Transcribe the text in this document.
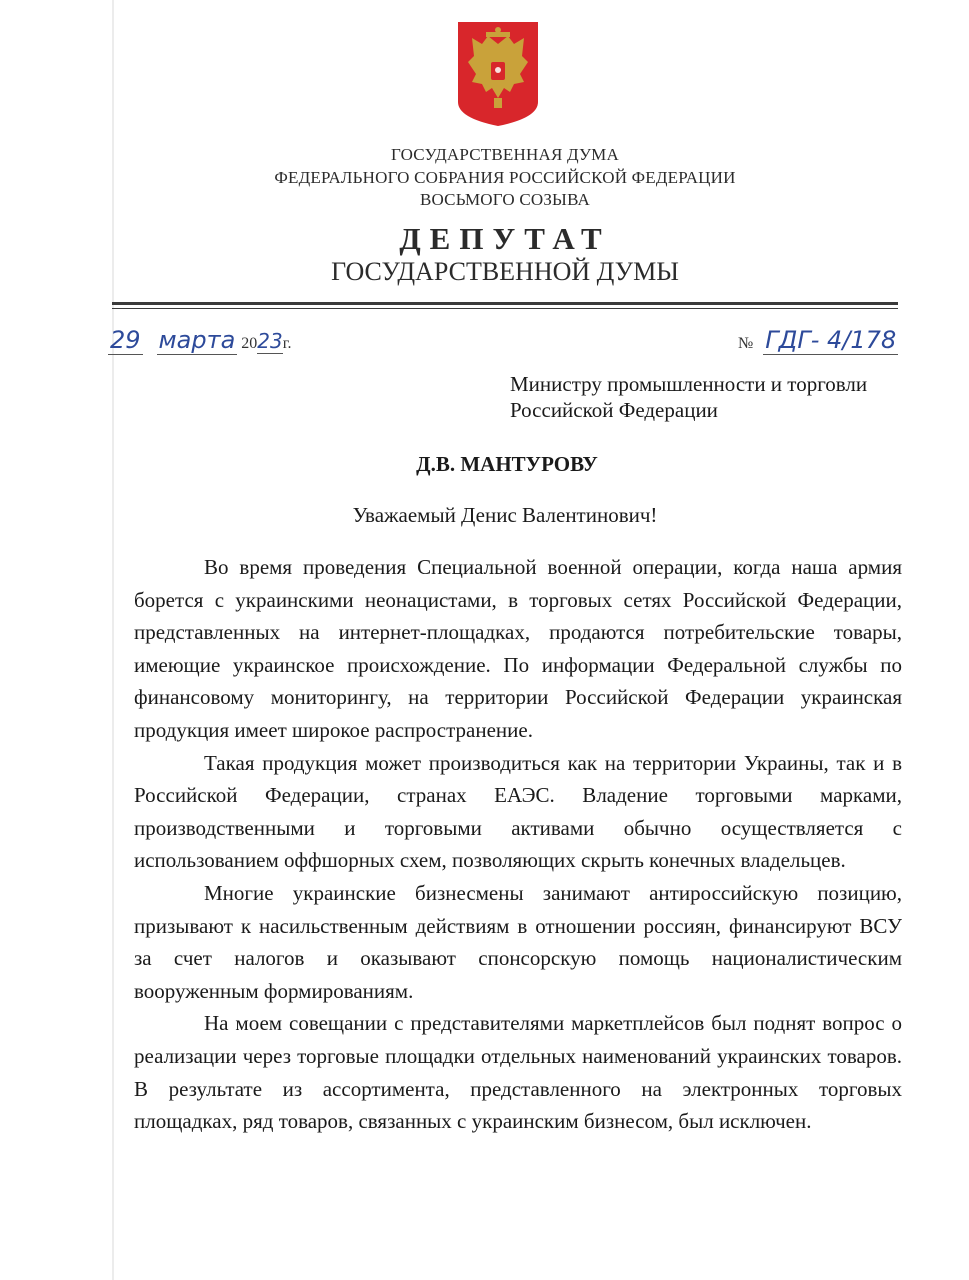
ГОСУДАРСТВЕННАЯ ДУМА
ФЕДЕРАЛЬНОГО СОБРАНИЯ РОССИЙСКОЙ ФЕДЕРАЦИИ
ВОСЬМОГО СОЗЫВА
ДЕПУТАТ
ГОСУДАРСТВЕННОЙ ДУМЫ
29 марта 2023г.	№ ГДГ- 4/178
Министру промышленности и торговли
Российской Федерации
Д.В. МАНТУРОВУ
Уважаемый Денис Валентинович!

Во время проведения Специальной военной операции, когда наша армия борется с украинскими неонацистами, в торговых сетях Российской Федерации, представленных на интернет-площадках, продаются потребительские товары, имеющие украинское происхождение. По информации Федеральной службы по финансовому мониторингу, на территории Российской Федерации украинская продукция имеет широкое распространение.

Такая продукция может производиться как на территории Украины, так и в Российской Федерации, странах ЕАЭС. Владение торговыми марками, производственными и торговыми активами обычно осуществляется с использованием оффшорных схем, позволяющих скрыть конечных владельцев.

Многие украинские бизнесмены занимают антироссийскую позицию, призывают к насильственным действиям в отношении россиян, финансируют ВСУ за счет налогов и оказывают спонсорскую помощь националистическим вооруженным формированиям.

На моем совещании с представителями маркетплейсов был поднят вопрос о реализации через торговые площадки отдельных наименований украинских товаров. В результате из ассортимента, представленного на электронных торговых площадках, ряд товаров, связанных с украинским бизнесом, был исключен.
